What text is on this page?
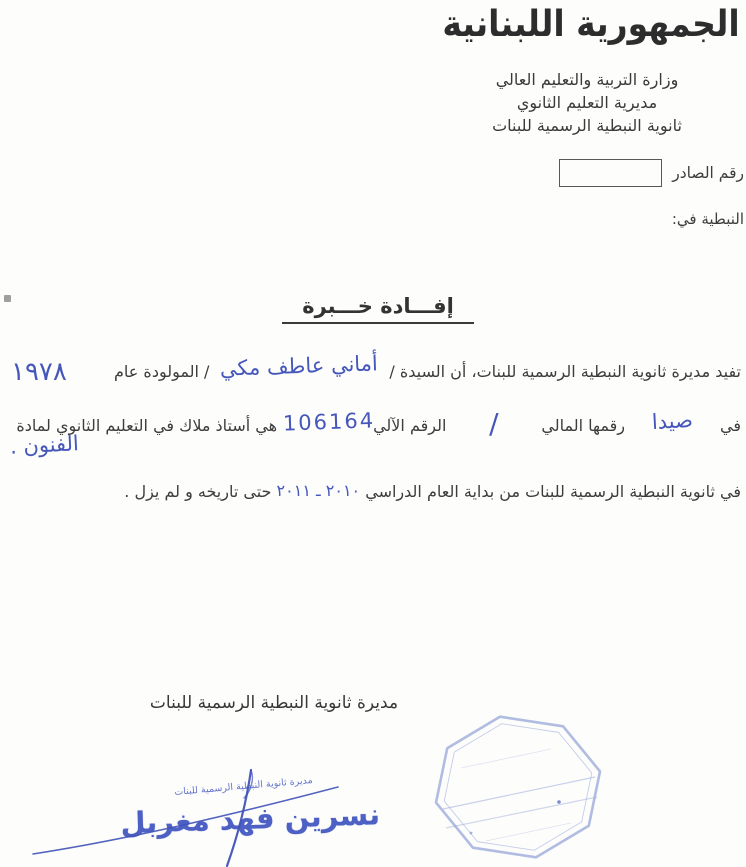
الجمهورية اللبنانية
وزارة التربية والتعليم العالي
مديرية التعليم الثانوي
ثانوية النبطية الرسمية للبنات
رقم الصادر
النبطية في:
إفـــادة خـــبرة
تفيد مديرة ثانوية النبطية الرسمية للبنات، أن السيدة /
أماني عاطف مكي
/ المولودة عام
١٩٧٨
في
صيدا
رقمها المالي
/
الرقم الآلي
106164
هي أستاذ ملاك في التعليم الثانوي لمادة
الفنون .
في ثانوية النبطية الرسمية للبنات من بداية العام الدراسي ٢٠١٠ ـ ٢٠١١ حتى تاريخه و لم يزل .
مديرة ثانوية النبطية الرسمية للبنات
مديرة ثانوية النبطية الرسمية للبنات
نسرين فهد مغربل
